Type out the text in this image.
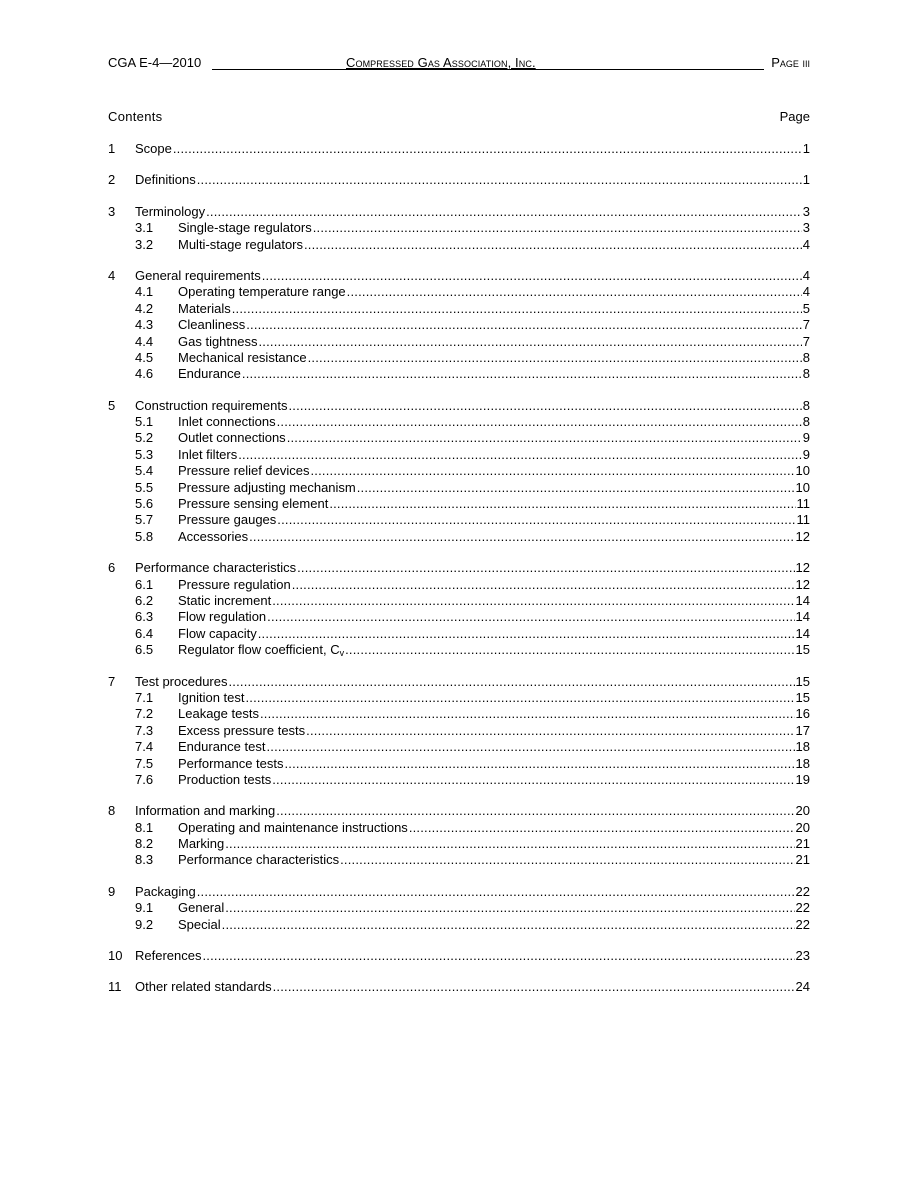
CGA E-4—2010	Compressed Gas Association, Inc.	Page iii
Contents	Page
1	Scope .....	1
2	Definitions .....	1
3	Terminology .....	3
3.1	Single-stage regulators .....	3
3.2	Multi-stage regulators .....	4
4	General requirements .....	4
4.1	Operating temperature range .....	4
4.2	Materials .....	5
4.3	Cleanliness .....	7
4.4	Gas tightness .....	7
4.5	Mechanical resistance .....	8
4.6	Endurance .....	8
5	Construction requirements .....	8
5.1	Inlet connections .....	8
5.2	Outlet connections .....	9
5.3	Inlet filters .....	9
5.4	Pressure relief devices .....	10
5.5	Pressure adjusting mechanism .....	10
5.6	Pressure sensing element .....	11
5.7	Pressure gauges .....	11
5.8	Accessories .....	12
6	Performance characteristics .....	12
6.1	Pressure regulation .....	12
6.2	Static increment .....	14
6.3	Flow regulation .....	14
6.4	Flow capacity .....	14
6.5	Regulator flow coefficient, $C_v$ .....	15
7	Test procedures .....	15
7.1	Ignition test .....	15
7.2	Leakage tests .....	16
7.3	Excess pressure tests .....	17
7.4	Endurance test .....	18
7.5	Performance tests .....	18
7.6	Production tests .....	19
8	Information and marking .....	20
8.1	Operating and maintenance instructions .....	20
8.2	Marking .....	21
8.3	Performance characteristics .....	21
9	Packaging .....	22
9.1	General .....	22
9.2	Special .....	22
10 References .....	23
11	Other related standards .....	24
